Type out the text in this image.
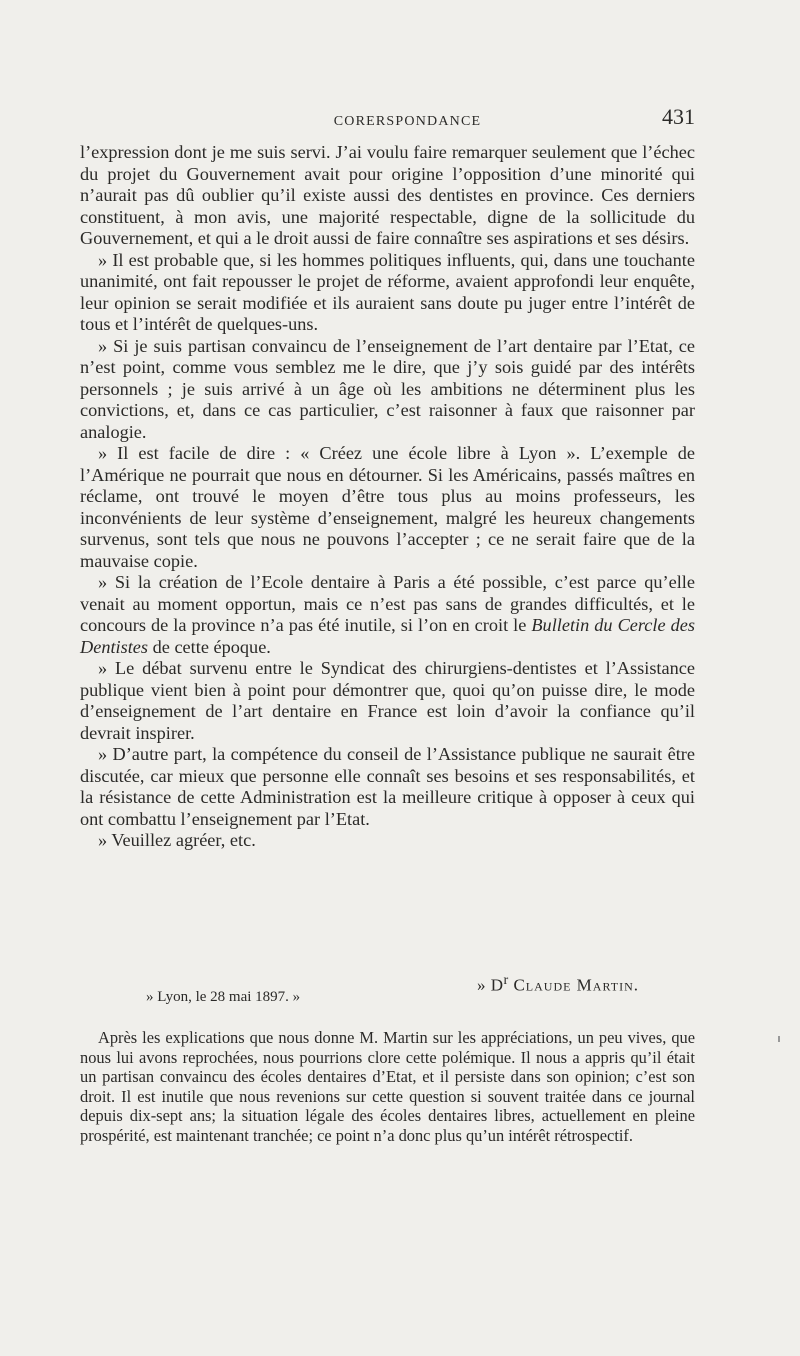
CORERSPONDANCE	431

l’expression dont je me suis servi. J’ai voulu faire remarquer seulement que l’échec du projet du Gouvernement avait pour origine l’opposition d’une minorité qui n’aurait pas dû oublier qu’il existe aussi des dentistes en province. Ces derniers constituent, à mon avis, une majorité respectable, digne de la sollicitude du Gouvernement, et qui a le droit aussi de faire connaître ses aspirations et ses désirs.

» Il est probable que, si les hommes politiques influents, qui, dans une touchante unanimité, ont fait repousser le projet de réforme, avaient approfondi leur enquête, leur opinion se serait modifiée et ils auraient sans doute pu juger entre l’intérêt de tous et l’intérêt de quelques-uns.

» Si je suis partisan convaincu de l’enseignement de l’art dentaire par l’Etat, ce n’est point, comme vous semblez me le dire, que j’y sois guidé par des intérêts personnels ; je suis arrivé à un âge où les ambitions ne déterminent plus les convictions, et, dans ce cas particulier, c’est raisonner à faux que raisonner par analogie.

» Il est facile de dire : « Créez une école libre à Lyon ». L’exemple de l’Amérique ne pourrait que nous en détourner. Si les Américains, passés maîtres en réclame, ont trouvé le moyen d’être tous plus au moins professeurs, les inconvénients de leur système d’enseignement, malgré les heureux changements survenus, sont tels que nous ne pouvons l’accepter ; ce ne serait faire que de la mauvaise copie.

» Si la création de l’Ecole dentaire à Paris a été possible, c’est parce qu’elle venait au moment opportun, mais ce n’est pas sans de grandes difficultés, et le concours de la province n’a pas été inutile, si l’on en croit le Bulletin du Cercle des Dentistes de cette époque.

» Le débat survenu entre le Syndicat des chirurgiens-dentistes et l’Assistance publique vient bien à point pour démontrer que, quoi qu’on puisse dire, le mode d’enseignement de l’art dentaire en France est loin d’avoir la confiance qu’il devrait inspirer.

» D’autre part, la compétence du conseil de l’Assistance publique ne saurait être discutée, car mieux que personne elle connaît ses besoins et ses responsabilités, et la résistance de cette Administration est la meilleure critique à opposer à ceux qui ont combattu l’enseignement par l’Etat.

» Veuillez agréer, etc.

» $D^r$ Claude Martin.
» Lyon, le 28 mai 1897. »

Après les explications que nous donne M. Martin sur les appréciations, un peu vives, que nous lui avons reprochées, nous pourrions clore cette polémique. Il nous a appris qu’il était un partisan convaincu des écoles dentaires d’Etat, et il persiste dans son opinion; c’est son droit. Il est inutile que nous revenions sur cette question si souvent traitée dans ce journal depuis dix-sept ans; la situation légale des écoles dentaires libres, actuellement en pleine prospérité, est maintenant tranchée; ce point n’a donc plus qu’un intérêt rétrospectif.
